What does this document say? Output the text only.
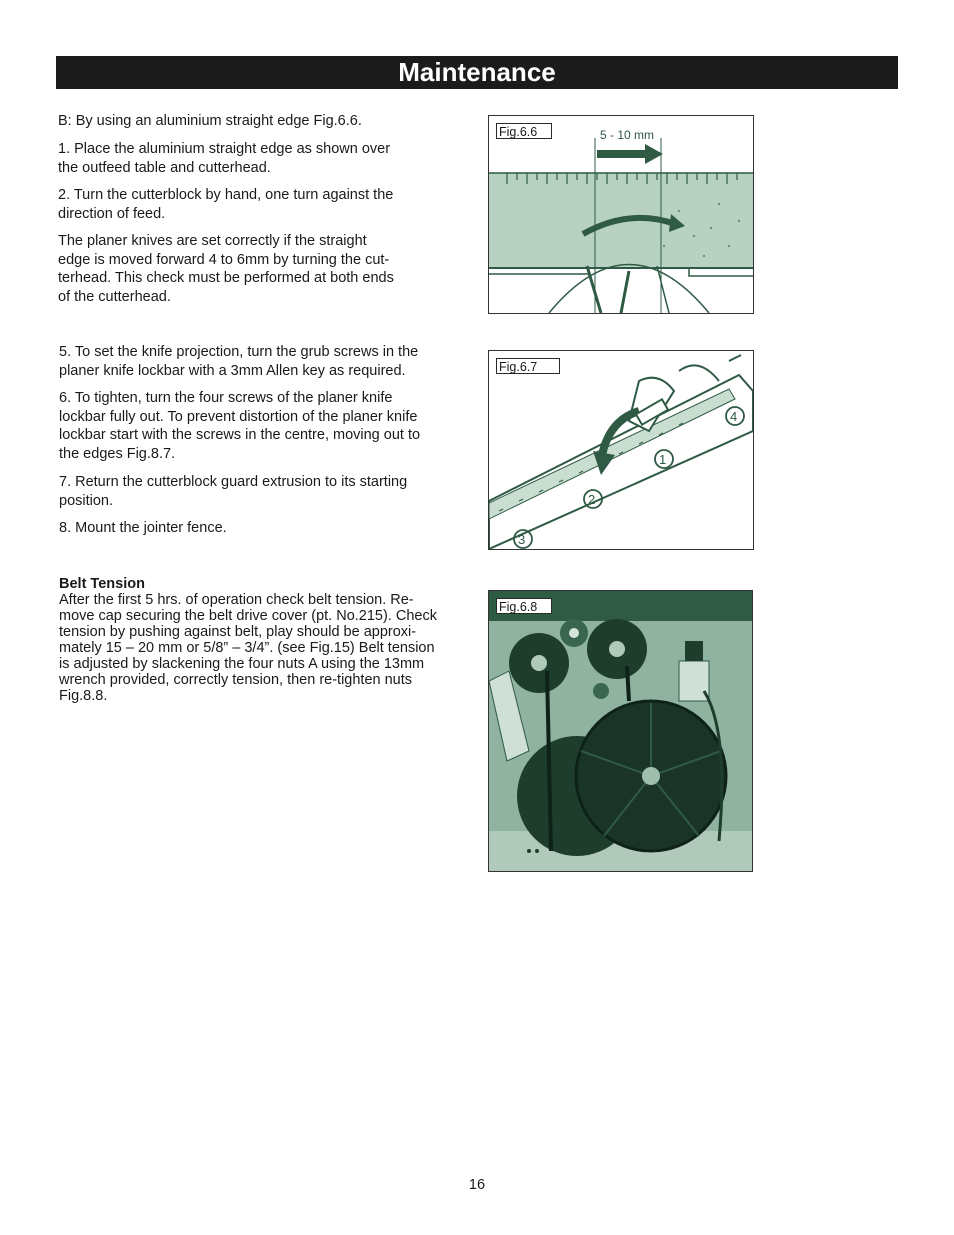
Maintenance

B: By using an aluminium straight edge Fig.6.6.

1. Place the aluminium straight edge as shown over
the outfeed table and cutterhead.

2. Turn the cutterblock by hand, one turn against the
direction of feed.

The planer knives are set correctly if the straight
edge is moved forward 4 to 6mm by turning the cut-
terhead. This check must be performed at both ends
of the cutterhead.

5. To set the knife projection, turn the grub screws in the
planer knife lockbar with a 3mm Allen key as required.

6. To tighten, turn the four screws of the planer knife
lockbar fully out. To prevent distortion of the planer knife
lockbar start with the screws in the centre, moving out to
the edges Fig.8.7.

7. Return the cutterblock guard extrusion to its starting
position.

8. Mount the jointer fence.

Belt Tension

After the first 5 hrs. of operation check belt tension. Re-
move cap securing the belt drive cover (pt. No.215). Check
tension by pushing against belt, play should be approxi-
mately 15 – 20 mm or 5/8” – 3/4”. (see Fig.15) Belt tension
is adjusted by slackening the four nuts A using the 13mm
wrench provided, correctly tension, then re-tighten nuts
Fig.8.8.

5 - 10 mm
Fig.6.6
1
2
3
4
Fig.6.7
Fig.6.8
16
